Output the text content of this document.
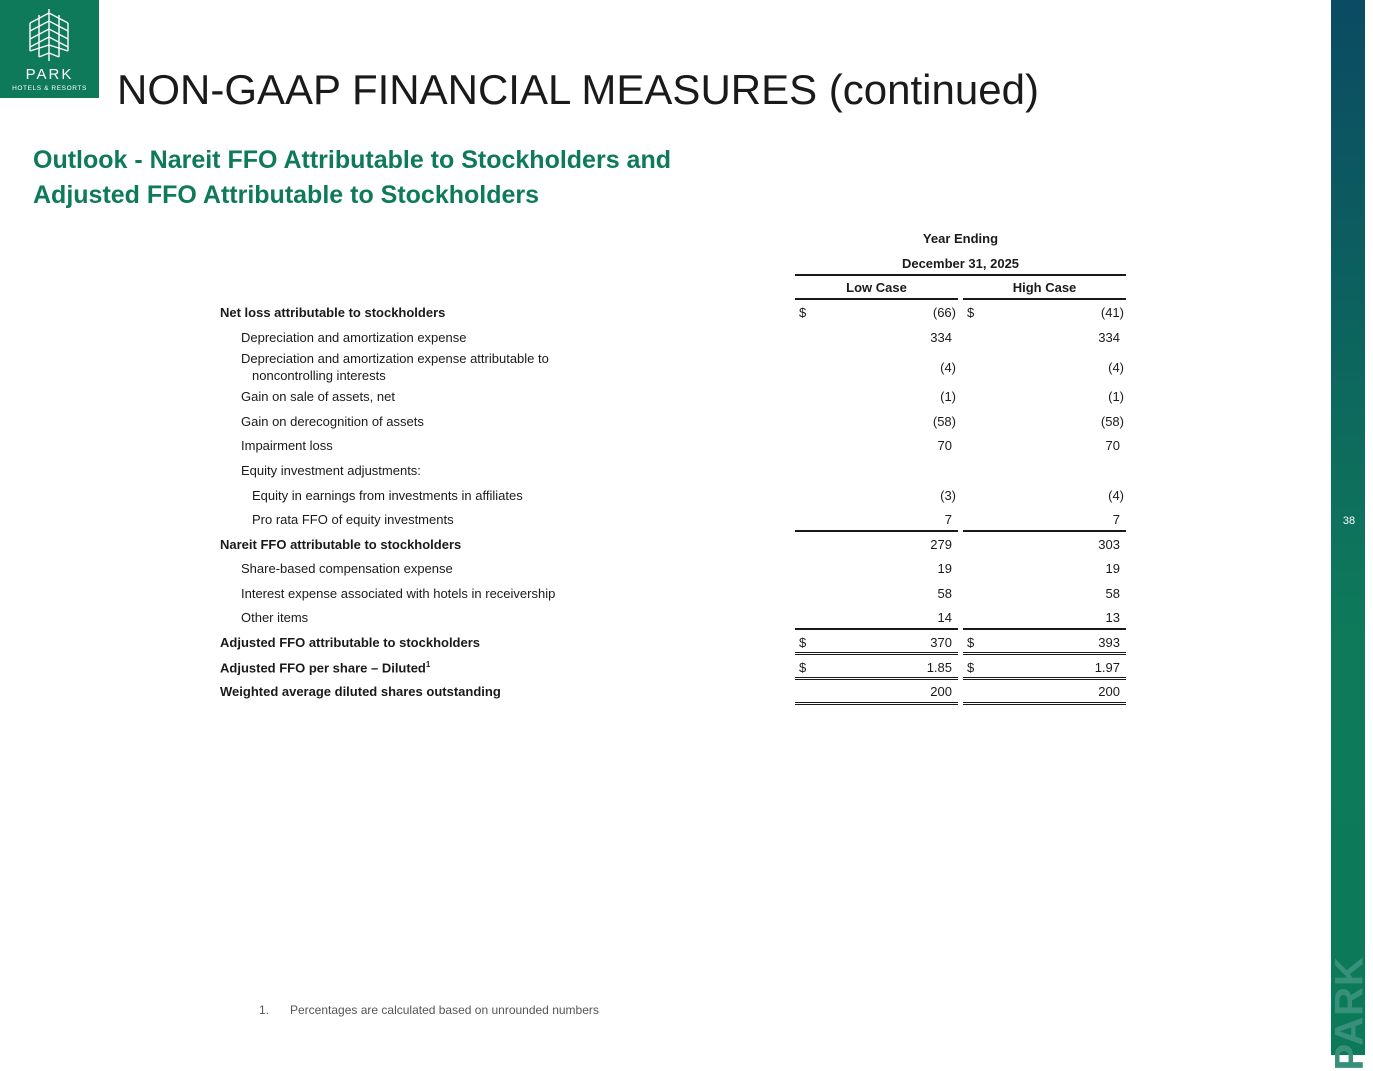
PARK
HOTELS & RESORTS NON-GAAP FINANCIAL MEASURES (continued)
Outlook - Nareit FFO Attributable to Stockholders and
Adjusted FFO Attributable to Stockholders
38
PARK
Year Ending
December 31, 2025
Low Case	High Case
Net loss attributable to stockholders	$	(66) $	(41)
Depreciation and amortization expense	334	334
Depreciation and amortization expense attributable to
noncontrolling interests
(4)	(4)
Gain on sale of assets, net	(1)	(1)
Gain on derecognition of assets	(58)	(58)
Impairment loss	70	70
Equity investment adjustments:
Equity in earnings from investments in affiliates	(3)	(4)
Pro rata FFO of equity investments	7	7
Nareit FFO attributable to stockholders	279	303
Share-based compensation expense	19	19
Interest expense associated with hotels in receivership	58	58
Other items	14	13
Adjusted FFO attributable to stockholders	$	370 $	393
Adjusted FFO per share – Diluted$^1$	$	1.85 $	1.97
Weighted average diluted shares outstanding	200	200
1. Percentages are calculated based on unrounded numbers
